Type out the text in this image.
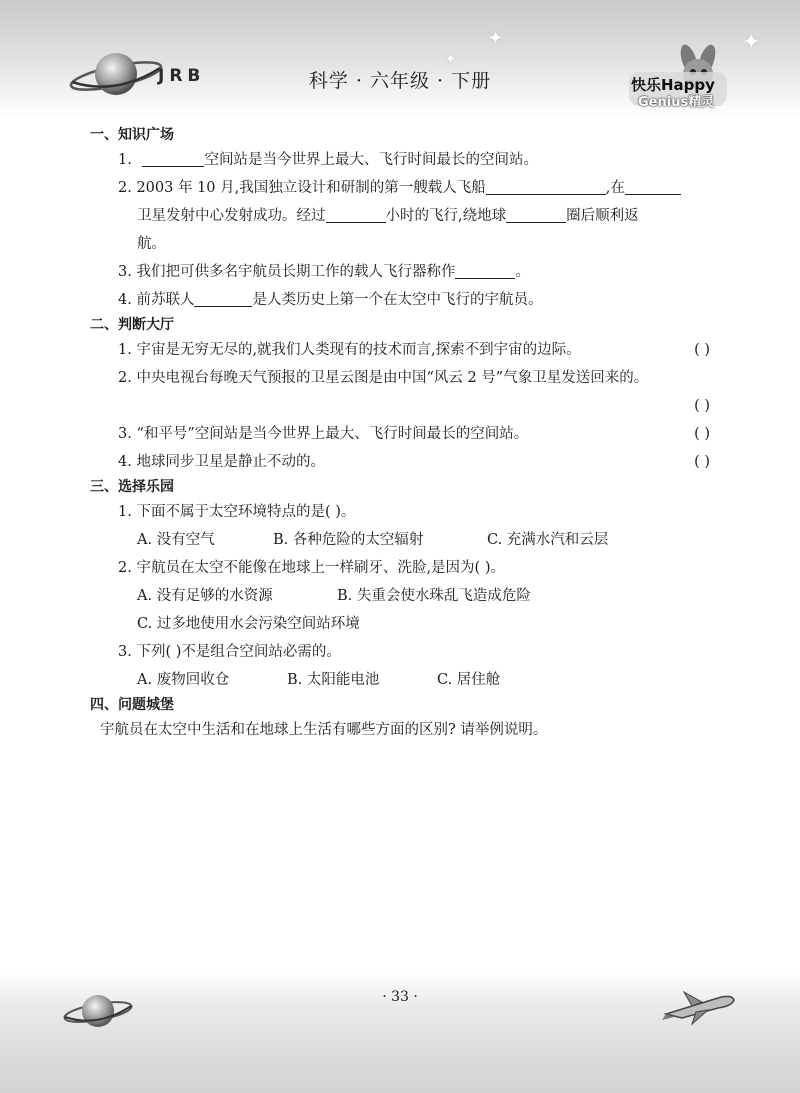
✦
✦
✦
JRB	科学 · 六年级 · 下册	快乐Happy
Genius精灵
一、知识广场
1.	空间站是当今世界上最大、飞行时间最长的空间站。
2. 2003 年 10 月,我国独立设计和研制的第一艘载人飞船	,在
卫星发射中心发射成功。经过	小时的飞行,绕地球	圈后顺利返
航。
3. 我们把可供多名宇航员长期工作的载人飞行器称作	。
4. 前苏联人	是人类历史上第一个在太空中飞行的宇航员。
二、判断大厅
1. 宇宙是无穷无尽的,就我们人类现有的技术而言,探索不到宇宙的边际。	( )
2. 中央电视台每晚天气预报的卫星云图是由中国“风云 2 号”气象卫星发送回来的。
( )
3. “和平号”空间站是当今世界上最大、飞行时间最长的空间站。	( )
4. 地球同步卫星是静止不动的。	( )
三、选择乐园
1. 下面不属于太空环境特点的是( )。
A. 没有空气	B. 各种危险的太空辐射	C. 充满水汽和云层
2. 宇航员在太空不能像在地球上一样刷牙、洗脸,是因为( )。
A. 没有足够的水资源	B. 失重会使水珠乱飞造成危险
C. 过多地使用水会污染空间站环境
3. 下列( )不是组合空间站必需的。
A. 废物回收仓	B. 太阳能电池	C. 居住舱
四、问题城堡
宇航员在太空中生活和在地球上生活有哪些方面的区别? 请举例说明。
· 33 ·
